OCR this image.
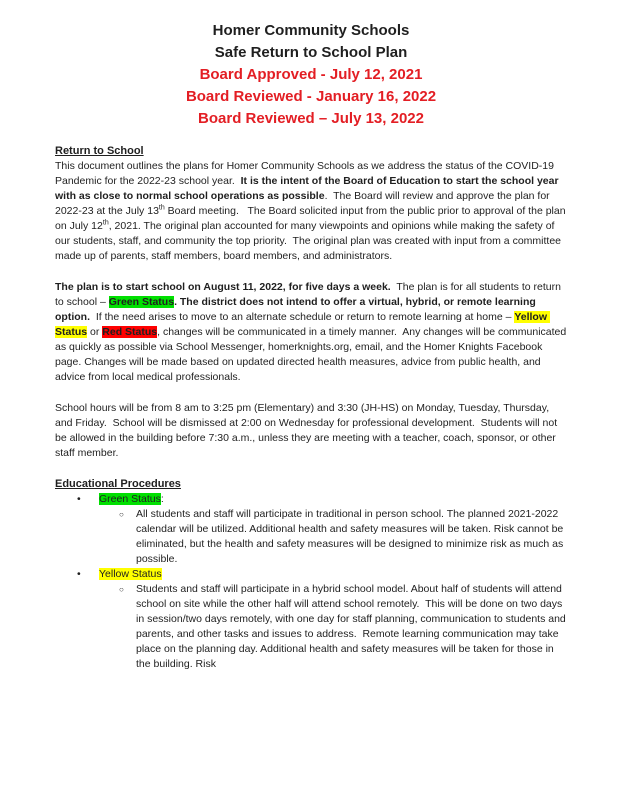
Homer Community Schools
Safe Return to School Plan
Board Approved - July 12, 2021
Board Reviewed - January 16, 2022
Board Reviewed – July 13, 2022
Return to School

This document outlines the plans for Homer Community Schools as we address the status of the COVID-19 Pandemic for the 2022-23 school year.  It is the intent of the Board of Education to start the school year with as close to normal school operations as possible.  The Board will review and approve the plan for 2022-23 at the July 13th Board meeting.   The Board solicited input from the public prior to approval of the plan on July 12th, 2021. The original plan accounted for many viewpoints and opinions while making the safety of our students, staff, and community the top priority.  The original plan was created with input from a committee made up of parents, staff members, board members, and administrators.

The plan is to start school on August 11, 2022, for five days a week.  The plan is for all students to return to school – Green Status. The district does not intend to offer a virtual, hybrid, or remote learning option.  If the need arises to move to an alternate schedule or return to remote learning at home – Yellow Status or Red Status, changes will be communicated in a timely manner.  Any changes will be communicated as quickly as possible via School Messenger, homerknights.org, email, and the Homer Knights Facebook page. Changes will be made based on updated directed health measures, advice from public health, and advice from local medical professionals.

School hours will be from 8 am to 3:25 pm (Elementary) and 3:30 (JH-HS) on Monday, Tuesday, Thursday, and Friday.  School will be dismissed at 2:00 on Wednesday for professional development.  Students will not be allowed in the building before 7:30 a.m., unless they are meeting with a teacher, coach, sponsor, or other staff member.

Educational Procedures
•	Green Status:
○	All students and staff will participate in traditional in person school. The planned 2021-2022 calendar will be utilized. Additional health and safety measures will be taken. Risk cannot be eliminated, but the health and safety measures will be designed to minimize risk as much as possible.
•	Yellow Status
○	Students and staff will participate in a hybrid school model. About half of students will attend school on site while the other half will attend school remotely.  This will be done on two days in session/two days remotely, with one day for staff planning, communication to students and parents, and other tasks and issues to address.  Remote learning communication may take place on the planning day. Additional health and safety measures will be taken for those in the building. Risk
